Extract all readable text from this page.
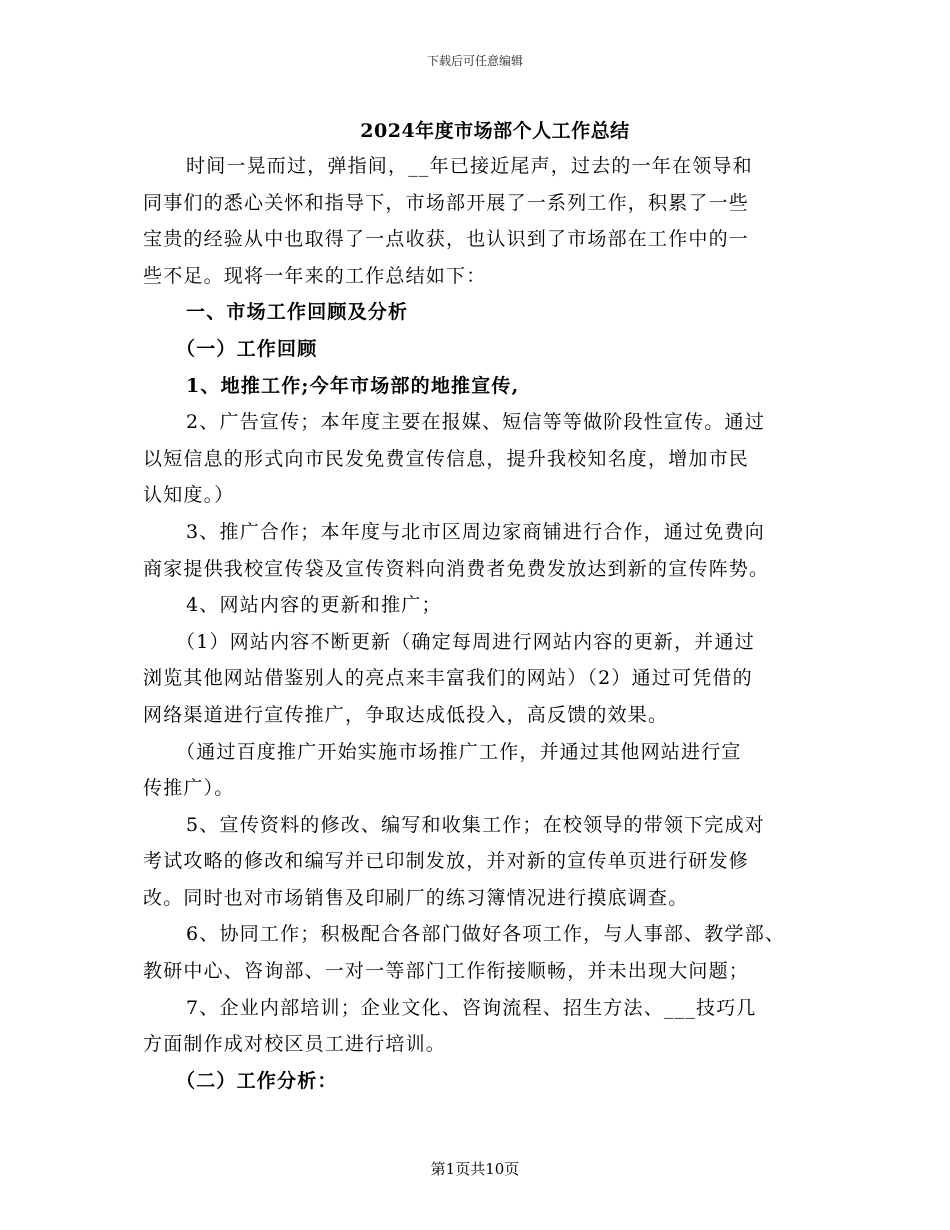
下载后可任意编辑
2024年度市场部个人工作总结
时间一晃而过，弹指间，__年已接近尾声，过去的一年在领导和
同事们的悉心关怀和指导下，市场部开展了一系列工作，积累了一些
宝贵的经验从中也取得了一点收获，也认识到了市场部在工作中的一
些不足。现将一年来的工作总结如下：
一、市场工作回顾及分析
（一）工作回顾
1、地推工作;今年市场部的地推宣传,
2、广告宣传；本年度主要在报媒、短信等等做阶段性宣传。通过
以短信息的形式向市民发免费宣传信息，提升我校知名度，增加市民
认知度。）
3、推广合作；本年度与北市区周边家商铺进行合作，通过免费向
商家提供我校宣传袋及宣传资料向消费者免费发放达到新的宣传阵势。
4、网站内容的更新和推广；
（1）网站内容不断更新（确定每周进行网站内容的更新，并通过
浏览其他网站借鉴别人的亮点来丰富我们的网站）（2）通过可凭借的
网络渠道进行宣传推广，争取达成低投入，高反馈的效果。
（通过百度推广开始实施市场推广工作，并通过其他网站进行宣
传推广）。
5、宣传资料的修改、编写和收集工作；在校领导的带领下完成对
考试攻略的修改和编写并已印制发放，并对新的宣传单页进行研发修
改。同时也对市场销售及印刷厂的练习簿情况进行摸底调查。
6、协同工作；积极配合各部门做好各项工作，与人事部、教学部、
教研中心、咨询部、一对一等部门工作衔接顺畅，并未出现大问题；
7、企业内部培训；企业文化、咨询流程、招生方法、___技巧几
方面制作成对校区员工进行培训。
（二）工作分析：
第1页共10页
